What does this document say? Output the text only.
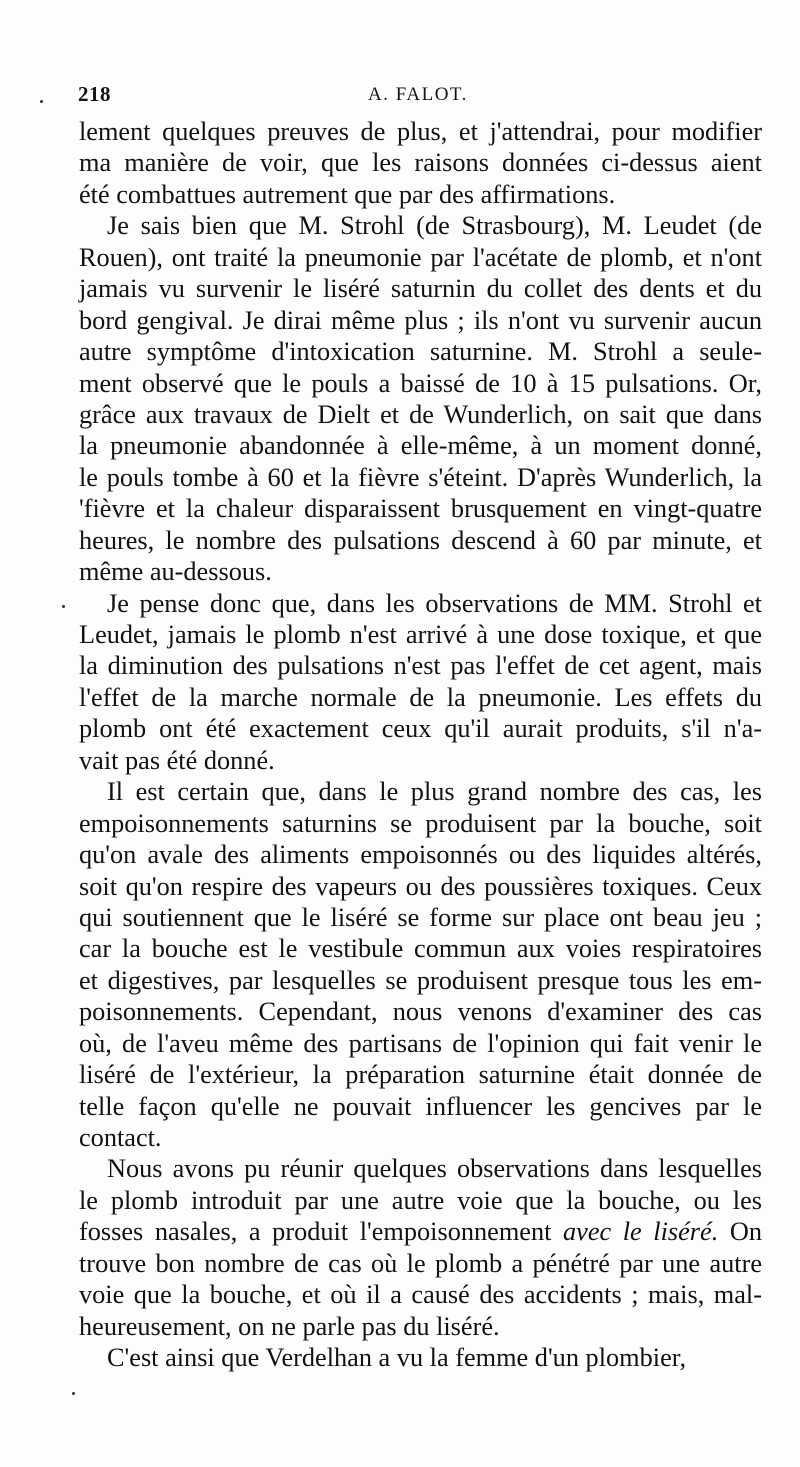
218	A. FALOT.
lement quelques preuves de plus, et j'attendrai, pour modifier
ma manière de voir, que les raisons données ci-dessus aient
été combattues autrement que par des affirmations.
Je sais bien que M. Strohl (de Strasbourg), M. Leudet (de
Rouen), ont traité la pneumonie par l'acétate de plomb, et n'ont
jamais vu survenir le liséré saturnin du collet des dents et du
bord gengival. Je dirai même plus ; ils n'ont vu survenir aucun
autre symptôme d'intoxication saturnine. M. Strohl a seule-
ment observé que le pouls a baissé de 10 à 15 pulsations. Or,
grâce aux travaux de Dielt et de Wunderlich, on sait que dans
la pneumonie abandonnée à elle-même, à un moment donné,
le pouls tombe à 60 et la fièvre s'éteint. D'après Wunderlich, la
'fièvre et la chaleur disparaissent brusquement en vingt-quatre
heures, le nombre des pulsations descend à 60 par minute, et
même au-dessous.
Je pense donc que, dans les observations de MM. Strohl et
Leudet, jamais le plomb n'est arrivé à une dose toxique, et que
la diminution des pulsations n'est pas l'effet de cet agent, mais
l'effet de la marche normale de la pneumonie. Les effets du
plomb ont été exactement ceux qu'il aurait produits, s'il n'a-
vait pas été donné.
Il est certain que, dans le plus grand nombre des cas, les
empoisonnements saturnins se produisent par la bouche, soit
qu'on avale des aliments empoisonnés ou des liquides altérés,
soit qu'on respire des vapeurs ou des poussières toxiques. Ceux
qui soutiennent que le liséré se forme sur place ont beau jeu ;
car la bouche est le vestibule commun aux voies respiratoires
et digestives, par lesquelles se produisent presque tous les em-
poisonnements. Cependant, nous venons d'examiner des cas
où, de l'aveu même des partisans de l'opinion qui fait venir le
liséré de l'extérieur, la préparation saturnine était donnée de
telle façon qu'elle ne pouvait influencer les gencives par le
contact.
Nous avons pu réunir quelques observations dans lesquelles
le plomb introduit par une autre voie que la bouche, ou les
fosses nasales, a produit l'empoisonnement avec le liséré. On
trouve bon nombre de cas où le plomb a pénétré par une autre
voie que la bouche, et où il a causé des accidents ; mais, mal-
heureusement, on ne parle pas du liséré.
C'est ainsi que Verdelhan a vu la femme d'un plombier,
